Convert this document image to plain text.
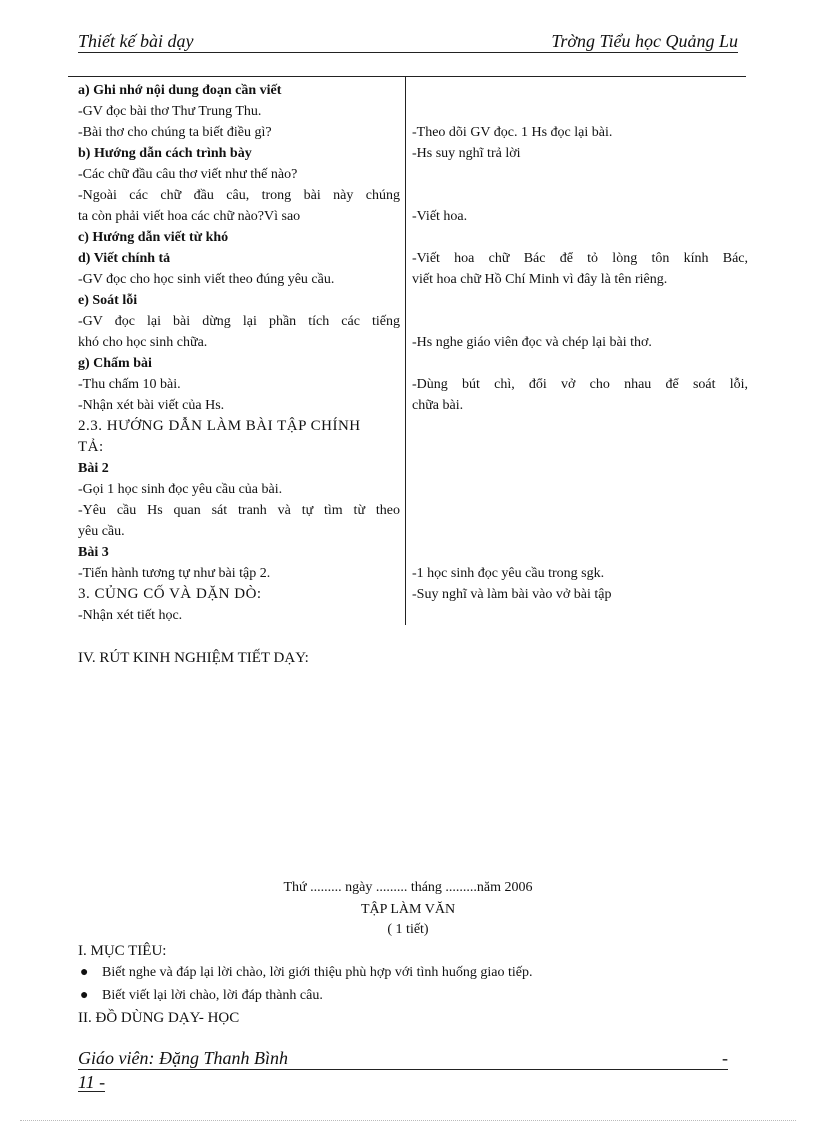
Thiết kế bài dạy	Trờng Tiểu học Quảng Lu
a) Ghi nhớ nội dung đoạn cần viết
-GV đọc bài thơ Thư Trung Thu.
-Bài thơ cho chúng ta biết điều gì?
b) Hướng dẫn cách trình bày
-Các chữ đầu câu thơ viết như thế nào?
-Ngoài các chữ đầu câu, trong bài này chúng
ta còn phải viết hoa các chữ nào?Vì sao
c) Hướng dẫn viết từ khó
d) Viết chính tả
-GV đọc cho học sinh viết theo đúng yêu cầu.
e) Soát lỗi
-GV đọc lại bài dừng lại phần tích các tiếng
khó cho học sinh chữa.
g) Chấm bài
-Thu chấm 10 bài.
-Nhận xét bài viết của Hs.
2.3. HƯỚNG DẪN LÀM BÀI TẬP CHÍNH
TẢ:
Bài 2
-Gọi 1 học sinh đọc yêu cầu của bài.
-Yêu cầu Hs quan sát tranh và tự tìm từ theo
yêu cầu.
Bài 3
-Tiến hành tương tự như bài tập 2.
3. CỦNG CỐ VÀ DẶN DÒ:
-Nhận xét tiết học.

-Theo dõi GV đọc. 1 Hs đọc lại bài.
-Hs suy nghĩ trả lời

-Viết hoa.

-Viết hoa chữ Bác để tỏ lòng tôn kính Bác,
viết hoa chữ Hồ Chí Minh vì đây là tên riêng.

-Hs nghe giáo viên đọc và chép lại bài thơ.

-Dùng bút chì, đổi vở cho nhau để soát lỗi,
chữa bài.

-1 học sinh đọc yêu cầu trong sgk.
-Suy nghĩ và làm bài vào vở bài tập

IV. RÚT KINH NGHIỆM TIẾT DẠY:
Thứ ......... ngày ......... tháng .........năm 2006
TẬP LÀM VĂN
( 1 tiết)
I. MỤC TIÊU:
● Biết nghe và đáp lại lời chào, lời giới thiệu phù hợp với tình huống giao tiếp.
● Biết viết lại lời chào, lời đáp thành câu.
II. ĐỒ DÙNG DẠY- HỌC
Giáo viên: Đặng Thanh Bình	-
11 -
